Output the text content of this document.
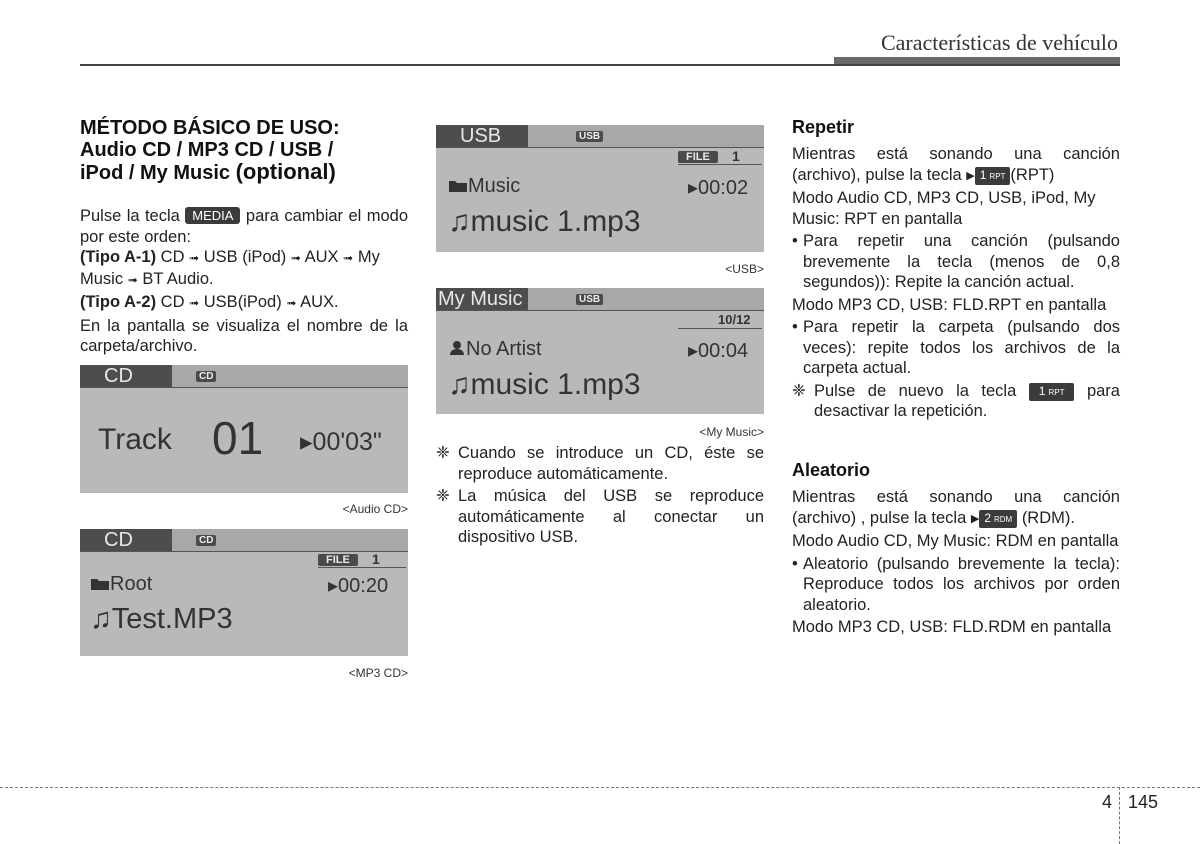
Características de vehículo
MÉTODO BÁSICO DE USO:
Audio CD / MP3 CD / USB /
iPod / My Music (optional)

Pulse la tecla MEDIA para cambiar el modo por este orden:

(Tipo A-1) CD ➟ USB (iPod) ➟ AUX ➟ My Music ➟ BT Audio.

(Tipo A-2) CD ➟ USB(iPod) ➟ AUX.

En la pantalla se visualiza el nombre de la carpeta/archivo.

CD	CD
Track 01 ▸00'03"
<Audio CD>
CD	CD
FILE	1
Root	▸00:20
♫Test.MP3
<MP3 CD>
USB	USB
FILE	1
Music	▸00:02
♫music 1.mp3
<USB>
My Music	USB
10/12
No Artist	▸00:04
♫music 1.mp3
<My Music>
❈ Cuando se introduce un CD, éste se reproduce automáticamente.
❈ La música del USB se reproduce automáticamente al conectar un dispositivo USB.
Repetir

Mientras está sonando una canción (archivo), pulse la tecla ▶ 1 RPT (RPT)

Modo Audio CD, MP3 CD, USB, iPod, My Music: RPT en pantalla

• Para repetir una canción (pulsando brevemente la tecla (menos de 0,8 segundos)): Repite la canción actual.

Modo MP3 CD, USB: FLD.RPT en pantalla

• Para repetir la carpeta (pulsando dos veces): repite todos los archivos de la carpeta actual.
❈ Pulse de nuevo la tecla 1 RPT para desactivar la repetición.
Aleatorio

Mientras está sonando una canción (archivo) , pulse la tecla ▶ 2 RDM (RDM).

Modo Audio CD, My Music: RDM en pantalla

• Aleatorio (pulsando brevemente la tecla): Reproduce todos los archivos por orden aleatorio.

Modo MP3 CD, USB: FLD.RDM en pantalla

4 145
